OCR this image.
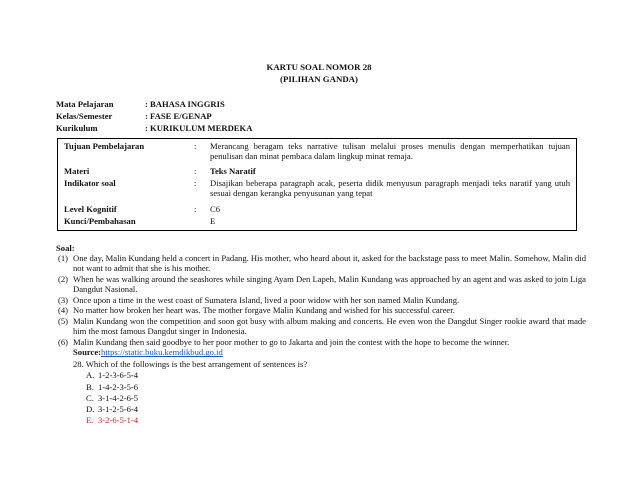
KARTU SOAL NOMOR 28
(PILIHAN GANDA)
Mata Pelajaran	: BAHASA INGGRIS
Kelas/Semester	: FASE E/GENAP
Kurikulum	: KURIKULUM MERDEKA
Tujuan Pembelajaran	: Merancang beragam teks narrative tulisan melalui proses menulis dengan memperhatikan tujuan penulisan dan minat pembaca dalam lingkup minat remaja.
Materi	: Teks Naratif
Indikator soal	: Disajikan beberapa paragraph acak, peserta didik menyusun paragraph menjadi teks naratif yang utuh sesuai dengan kerangka penyusunan yang tepat
Level Kognitif	: C6
Kunci/Pembahasan	E
Soal:

(1) One day, Malin Kundang held a concert in Padang. His mother, who heard about it, asked for the backstage pass to meet Malin. Somehow, Malin did not want to admit that she is his mother.

(2) When he was walking around the seashores while singing Ayam Den Lapeh, Malin Kundang was approached by an agent and was asked to join Liga Dangdut Nasional.

(3) Once upon a time in the west coast of Sumatera Island, lived a poor widow with her son named Malin Kundang.

(4) No matter how broken her heart was. The mother forgave Malin Kundang and wished for his successful career.

(5) Malin Kundang won the competition and soon got busy with album making and concerts. He even won the Dangdut Singer rookie award that made him the most famous Dangdut singer in Indonesia.

(6) Malin Kundang then said goodbye to her poor mother to go to Jakarta and join the contest with the hope to become the winner.

Source:https://static.buku.kemdikbud.go.id
28. Which of the followings is the best arrangement of sentences is?
A. 1-2-3-6-5-4
B. 1-4-2-3-5-6
C. 3-1-4-2-6-5
D. 3-1-2-5-6-4
E. 3-2-6-5-1-4
